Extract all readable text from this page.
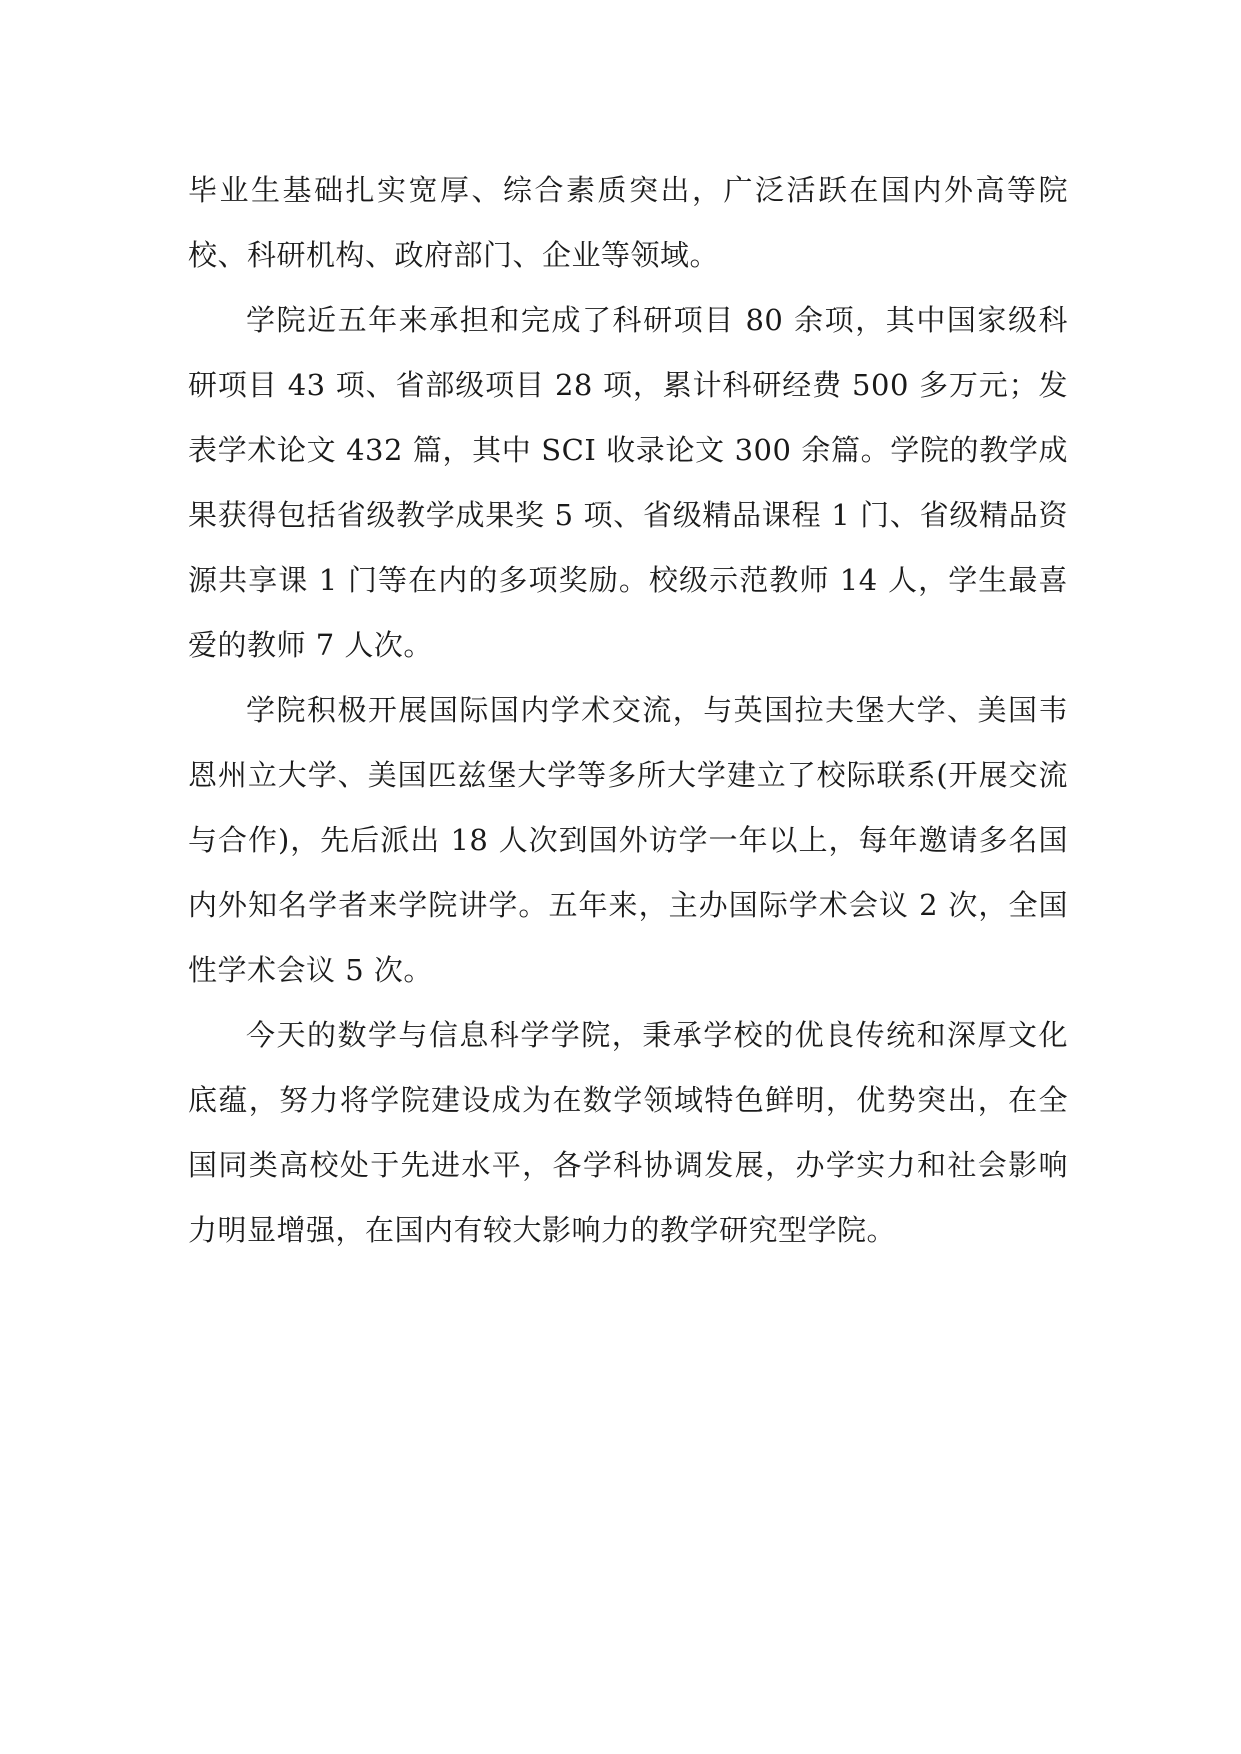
毕业生基础扎实宽厚、综合素质突出，广泛活跃在国内外高等院校、科研机构、政府部门、企业等领域。

学院近五年来承担和完成了科研项目 80 余项，其中国家级科研项目 43 项、省部级项目 28 项，累计科研经费 500 多万元；发表学术论文 432 篇，其中 SCI 收录论文 300 余篇。学院的教学成果获得包括省级教学成果奖 5 项、省级精品课程 1 门、省级精品资源共享课 1 门等在内的多项奖励。校级示范教师 14 人，学生最喜爱的教师 7 人次。

学院积极开展国际国内学术交流，与英国拉夫堡大学、美国韦恩州立大学、美国匹兹堡大学等多所大学建立了校际联系(开展交流与合作)，先后派出 18 人次到国外访学一年以上，每年邀请多名国内外知名学者来学院讲学。五年来，主办国际学术会议 2 次，全国性学术会议 5 次。

今天的数学与信息科学学院，秉承学校的优良传统和深厚文化底蕴，努力将学院建设成为在数学领域特色鲜明，优势突出，在全国同类高校处于先进水平，各学科协调发展，办学实力和社会影响力明显增强，在国内有较大影响力的教学研究型学院。
